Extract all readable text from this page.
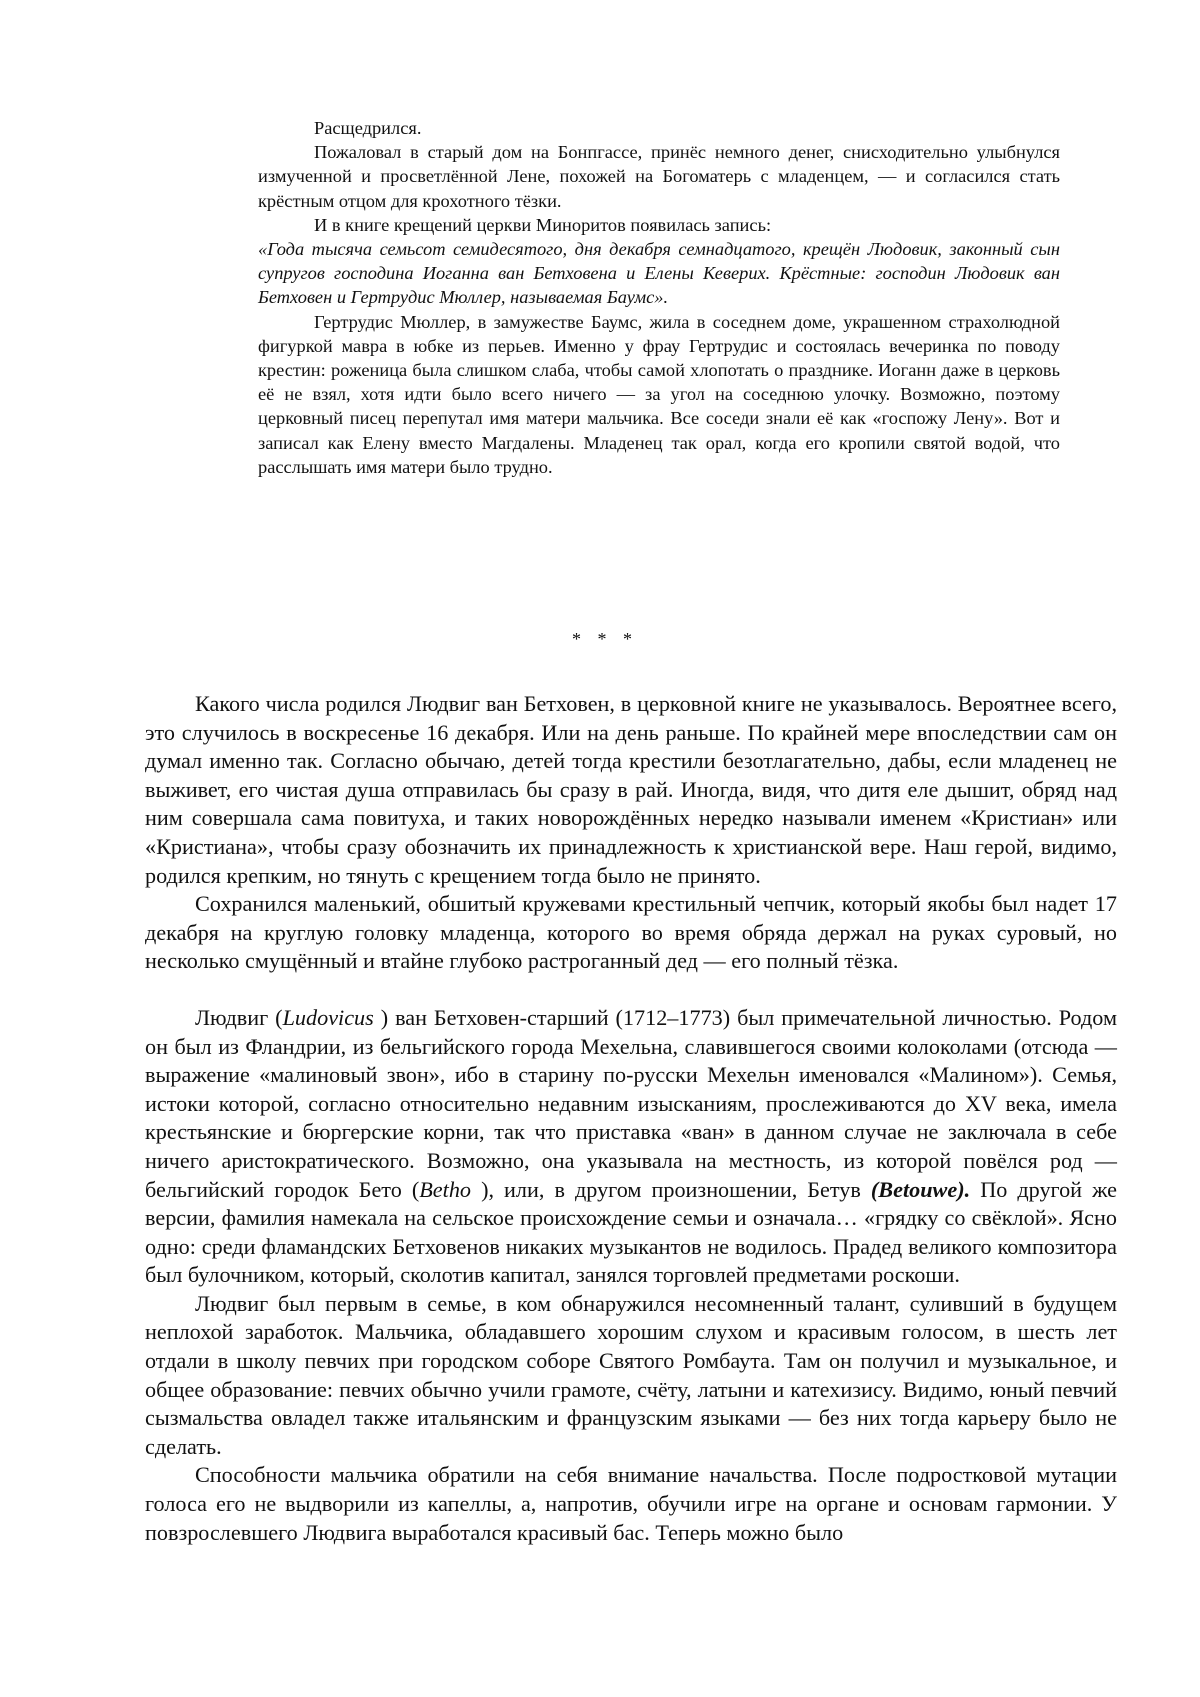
Расщедрился.

Пожаловал в старый дом на Бонпгассе, принёс немного денег, снисходительно улыбнулся измученной и просветлённой Лене, похожей на Богоматерь с младенцем, — и согласился стать крёстным отцом для крохотного тёзки.

И в книге крещений церкви Миноритов появилась запись:

«Года тысяча семьсот семидесятого, дня декабря семнадцатого, крещён Людовик, законный сын супругов господина Иоганна ван Бетховена и Елены Кеверих. Крёстные: господин Людовик ван Бетховен и Гертрудис Мюллер, называемая Баумс».

Гертрудис Мюллер, в замужестве Баумс, жила в соседнем доме, украшенном страхолюдной фигуркой мавра в юбке из перьев. Именно у фрау Гертрудис и состоялась вечеринка по поводу крестин: роженица была слишком слаба, чтобы самой хлопотать о празднике. Иоганн даже в церковь её не взял, хотя идти было всего ничего — за угол на соседнюю улочку. Возможно, поэтому церковный писец перепутал имя матери мальчика. Все соседи знали её как «госпожу Лену». Вот и записал как Елену вместо Магдалены. Младенец так орал, когда его кропили святой водой, что расслышать имя матери было трудно.

* * *

Какого числа родился Людвиг ван Бетховен, в церковной книге не указывалось. Вероятнее всего, это случилось в воскресенье 16 декабря. Или на день раньше. По крайней мере впоследствии сам он думал именно так. Согласно обычаю, детей тогда крестили безотлагательно, дабы, если младенец не выживет, его чистая душа отправилась бы сразу в рай. Иногда, видя, что дитя еле дышит, обряд над ним совершала сама повитуха, и таких новорождённых нередко называли именем «Кристиан» или «Кристиана», чтобы сразу обозначить их принадлежность к христианской вере. Наш герой, видимо, родился крепким, но тянуть с крещением тогда было не принято.

Сохранился маленький, обшитый кружевами крестильный чепчик, который якобы был надет 17 декабря на круглую головку младенца, которого во время обряда держал на руках суровый, но несколько смущённый и втайне глубоко растроганный дед — его полный тёзка.

Людвиг (Ludovicus ) ван Бетховен-старший (1712–1773) был примечательной личностью. Родом он был из Фландрии, из бельгийского города Мехельна, славившегося своими колоколами (отсюда — выражение «малиновый звон», ибо в старину по-русски Мехельн именовался «Малином»). Семья, истоки которой, согласно относительно недавним изысканиям, прослеживаются до XV века, имела крестьянские и бюргерские корни, так что приставка «ван» в данном случае не заключала в себе ничего аристократического. Возможно, она указывала на местность, из которой повёлся род — бельгийский городок Бето (Betho ), или, в другом произношении, Бетув (Betouwe). По другой же версии, фамилия намекала на сельское происхождение семьи и означала… «грядку со свёклой». Ясно одно: среди фламандских Бетховенов никаких музыкантов не водилось. Прадед великого композитора был булочником, который, сколотив капитал, занялся торговлей предметами роскоши.

Людвиг был первым в семье, в ком обнаружился несомненный талант, суливший в будущем неплохой заработок. Мальчика, обладавшего хорошим слухом и красивым голосом, в шесть лет отдали в школу певчих при городском соборе Святого Ромбаута. Там он получил и музыкальное, и общее образование: певчих обычно учили грамоте, счёту, латыни и катехизису. Видимо, юный певчий сызмальства овладел также итальянским и французским языками — без них тогда карьеру было не сделать.

Способности мальчика обратили на себя внимание начальства. После подростковой мутации голоса его не выдворили из капеллы, а, напротив, обучили игре на органе и основам гармонии. У повзрослевшего Людвига выработался красивый бас. Теперь можно было
